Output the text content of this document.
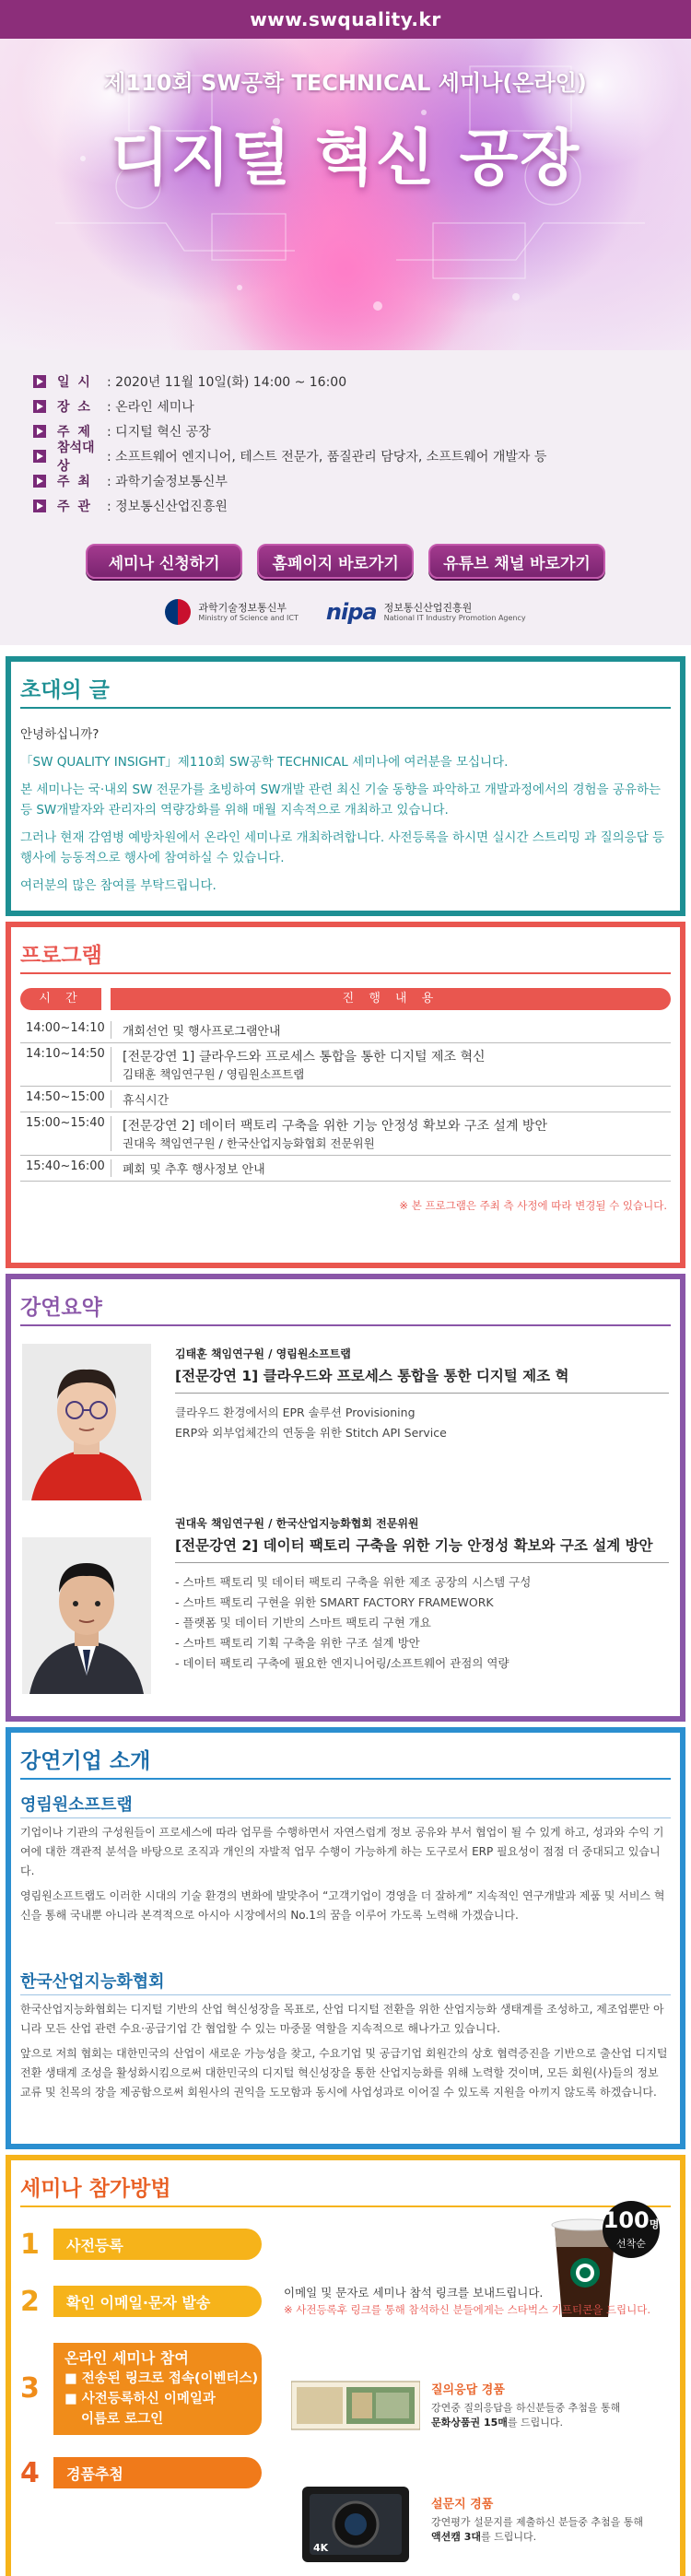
www.swquality.kr
제110회 SW공학 TECHNICAL 세미나(온라인)
디지털 혁신 공장
일 시	: 2020년 11월 10일(화) 14:00 ~ 16:00
장 소	: 온라인 세미나
주 제	: 디지털 혁신 공장
참석대상
: 소프트웨어 엔지니어, 테스트 전문가, 품질관리 담당자, 소프트웨어 개발자 등
주 최	: 과학기술정보통신부
주 관	: 정보통신산업진흥원
세미나 신청하기	홈페이지 바로가기	유튜브 채널 바로가기
과학기술정보통신부
Ministry of Science and ICT nipa 정보통신산업진흥원
National IT Industry Promotion Agency
초대의 글

안녕하십니까?

「SW QUALITY INSIGHT」제110회 SW공학 TECHNICAL 세미나에 여러분을 모십니다.

본 세미나는 국·내외 SW 전문가를 초빙하여 SW개발 관련 최신 기술 동향을 파악하고 개발과정에서의 경험을 공유하는 등 SW개발자와 관리자의 역량강화를 위해 매월 지속적으로 개최하고 있습니다.

그러나 현재 감염병 예방차원에서 온라인 세미나로 개최하려합니다. 사전등록을 하시면 실시간 스트리밍 과 질의응답 등 행사에 능동적으로 행사에 참여하실 수 있습니다.

여러분의 많은 참여를 부탁드립니다.

프로그램
시 간	진 행 내 용
14:00~14:10	개회선언 및 행사프로그램안내
14:10~14:50	[전문강연 1] 클라우드와 프로세스 통합을 통한 디지털 제조 혁신
김태훈 책임연구원 / 영림원소프트랩
14:50~15:00	휴식시간
15:00~15:40	[전문강연 2] 데이터 팩토리 구축을 위한 기능 안정성 확보와 구조 설계 방안
권대욱 책임연구원 / 한국산업지능화협회 전문위원
15:40~16:00	폐회 및 추후 행사정보 안내
※ 본 프로그램은 주최 측 사정에 따라 변경될 수 있습니다.
강연요약
김태훈 책임연구원 / 영림원소프트랩
[전문강연 1] 클라우드와 프로세스 통합을 통한 디지털 제조 혁
클라우드 환경에서의 EPR 솔루션 Provisioning
ERP와 외부업체간의 연동을 위한 Stitch API Service
권대욱 책임연구원 / 한국산업지능화협회 전문위원
[전문강연 2] 데이터 팩토리 구축을 위한 기능 안정성 확보와 구조 설계 방안
- 스마트 팩토리 및 데이터 팩토리 구축을 위한 제조 공장의 시스템 구성
- 스마트 팩토리 구현을 위한 SMART FACTORY FRAMEWORK
- 플랫폼 및 데이터 기반의 스마트 팩토리 구현 개요
- 스마트 팩토리 기획 구축을 위한 구조 설계 방안
- 데이터 팩토리 구축에 필요한 엔지니어링/소프트웨어 관점의 역량
강연기업 소개
영림원소프트랩

기업이나 기관의 구성원들이 프로세스에 따라 업무를 수행하면서 자연스럽게 정보 공유와 부서 협업이 될 수 있게 하고, 성과와 수익 기여에 대한 객관적 분석을 바탕으로 조직과 개인의 자발적 업무 수행이 가능하게 하는 도구로서 ERP 필요성이 점점 더 중대되고 있습니다.

영림원소프트랩도 이러한 시대의 기술 환경의 변화에 발맞추어 “고객기업이 경영을 더 잘하게” 지속적인 연구개발과 제품 및 서비스 혁신을 통해 국내뿐 아니라 본격적으로 아시아 시장에서의 No.1의 꿈을 이루어 가도록 노력해 가겠습니다.

한국산업지능화협회

한국산업지능화협회는 디지털 기반의 산업 혁신성장을 목표로, 산업 디지털 전환을 위한 산업지능화 생태계를 조성하고, 제조업뿐만 아니라 모든 산업 관련 수요·공급기업 간 협업할 수 있는 마중물 역할을 지속적으로 해나가고 있습니다.

앞으로 저희 협회는 대한민국의 산업이 새로운 가능성을 찾고, 수요기업 및 공급기업 회원간의 상호 협력증진을 기반으로 출산업 디지털 전환 생태계 조성을 활성화시킴으로써 대한민국의 디지털 혁신성장을 통한 산업지능화를 위해 노력할 것이며, 모든 회원(사)들의 정보 교류 및 친목의 장을 제공함으로써 회원사의 권익을 도모함과 동시에 사업성과로 이어질 수 있도록 지원을 아끼지 않도록 하겠습니다.

세미나 참가방법
1	사전등록
2	확인 이메일·문자 발송
3
온라인 세미나 참여
■ 전송된 링크로 접속(이벤터스)
■ 사전등록하신 이메일과
이름로 로그인
4	경품추첨
100명
선착순
이메일 및 문자로 세미나 참석 링크를 보내드립니다.
※ 사전등록후 링크를 통해 참석하신 분들에게는 스타벅스 기프티콘을 드립니다.
질의응답 경품
강연중 질의응답을 하신분들중 추첨을 통해
문화상품권 15매를 드립니다.
4K
설문지 경품
강연평가 설문지를 제출하신 분들중 추첨을 통해
액션캠 3대를 드립니다.
